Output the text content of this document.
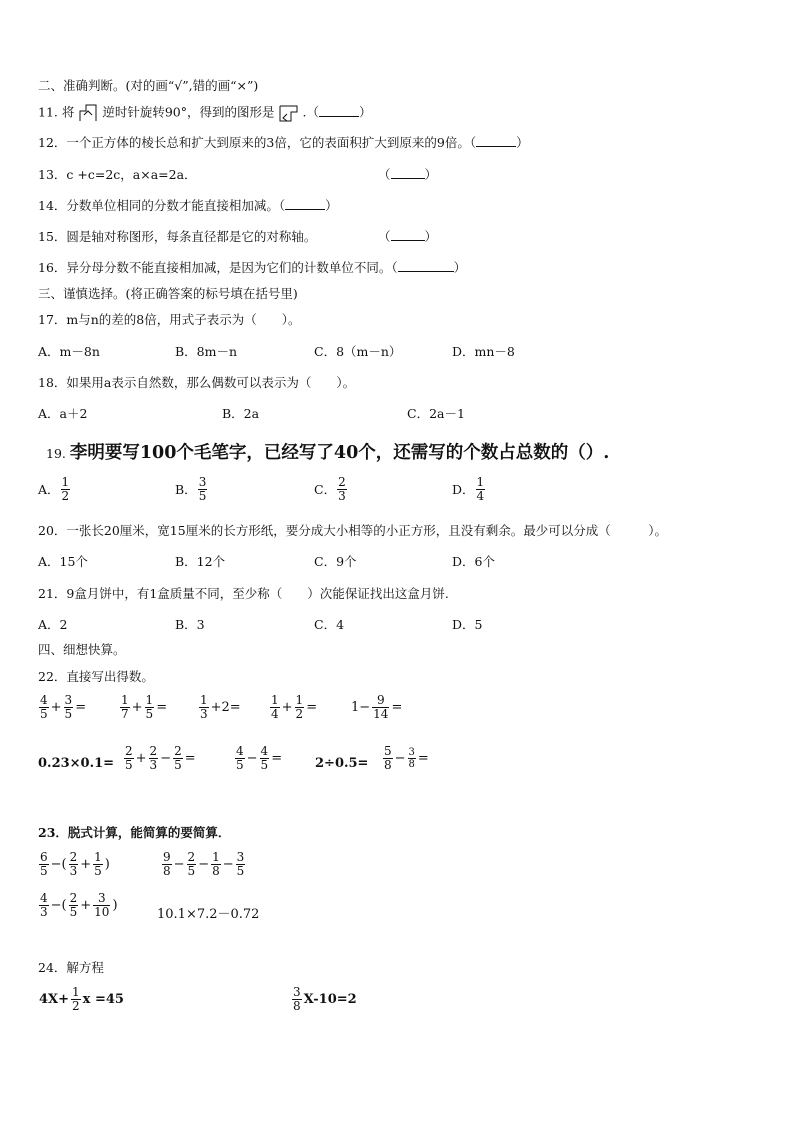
二、准确判断。(对的画“√”,错的画“×”)
11. 将 逆时针旋转90°，得到的图形是 .（	）
12．一个正方体的棱长总和扩大到原来的3倍，它的表面积扩大到原来的9倍。（	）
13．c +c=2c，a×a=2a．	（	）
14．分数单位相同的分数才能直接相加减。（	）
15．圆是轴对称图形，每条直径都是它的对称轴。	（	）
16．异分母分数不能直接相加减，是因为它们的计数单位不同。（	）
三、谨慎选择。(将正确答案的标号填在括号里)
17．m与n的差的8倍，用式子表示为（　　）。
A．m－8n	B．8m－n	C．8（m－n）	D．mn－8
18．如果用a表示自然数，那么偶数可以表示为（　　）。
A．a＋2	B．2a	C．2a－1
19. 李明要写100个毛笔字，已经写了40个，还需写的个数占总数的（）.
A． $\frac{1}{2}$	B． $\frac{3}{5}$	C． $\frac{2}{3}$	D． $\frac{1}{4}$
20．一张长20厘米，宽15厘米的长方形纸，要分成大小相等的小正方形，且没有剩余。最少可以分成（　　　）。
A．15个	B．12个	C．9个	D．6个
21．9盒月饼中，有1盒质量不同，至少称（　　）次能保证找出这盒月饼.
A．2	B．3	C．4	D．5
四、细想快算。
22．直接写出得数。
$\frac{4}{5} + \frac{3}{5}$ =	$\frac{1}{7} + \frac{1}{5}$ =	$\frac{1}{3} +2= \frac{1}{4} + \frac{1}{2}$ =	$1- \frac{9}{14}$ =
$0.23\times 0.1= \frac{2}{5} + \frac{2}{3} - \frac{2}{5}$ =	$\frac{4}{5} - \frac{4}{5}$ =	$2\div 0.5= \frac{5}{8} - \frac{3}{8}$ =
23．脱式计算，能简算的要简算．
$\frac{6}{5}$ −( $\frac{2}{3} + \frac{1}{5}$ )	$\frac{9}{8} - \frac{2}{5} - \frac{1}{8} - \frac{3}{5}$
$\frac{4}{3}$ −( $\frac{2}{5} + \frac{3}{10}$ )
10.1×7.2－0.72
24．解方程
$4X+ \frac{1}{2}$ x =45	$\frac{3}{8} X-10=2$
